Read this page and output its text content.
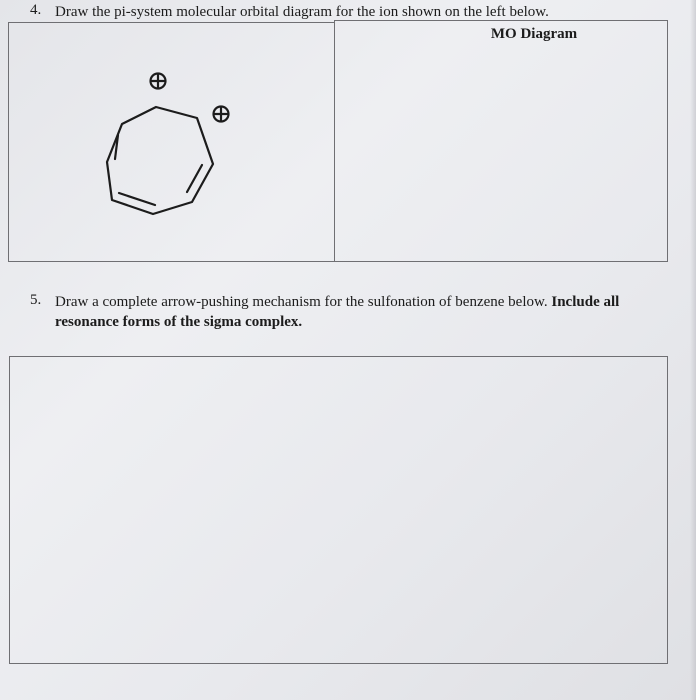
4. Draw the pi-system molecular orbital diagram for the ion shown on the left below.
MO Diagram
5. Draw a complete arrow-pushing mechanism for the sulfonation of benzene below. Include all resonance forms of the sigma complex.
